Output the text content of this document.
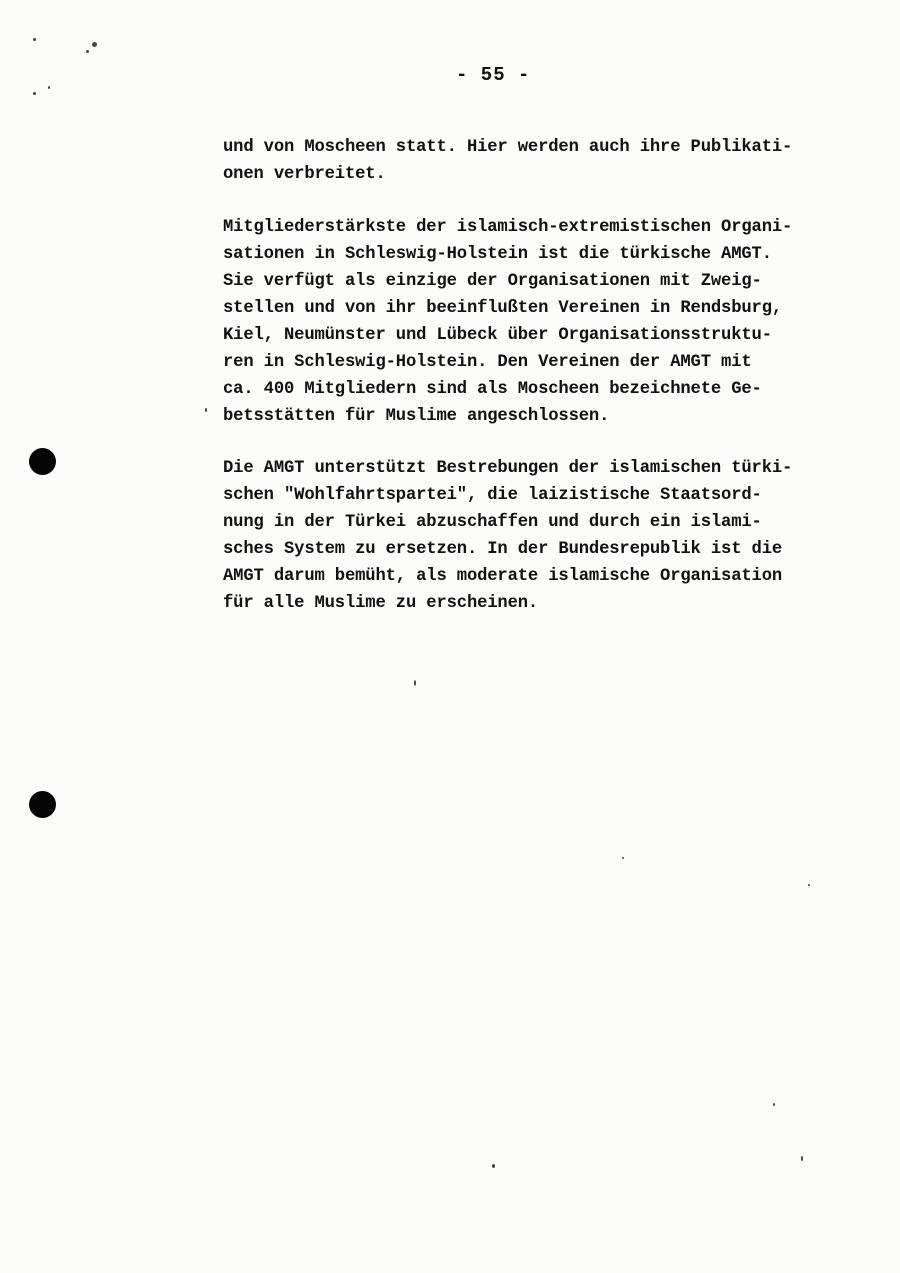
- 55 -
und von Moscheen statt. Hier werden auch ihre Publikati-
onen verbreitet.
Mitgliederstärkste der islamisch-extremistischen Organi-
sationen in Schleswig-Holstein ist die türkische AMGT.
Sie verfügt als einzige der Organisationen mit Zweig-
stellen und von ihr beeinflußten Vereinen in Rendsburg,
Kiel, Neumünster und Lübeck über Organisationsstruktu-
ren in Schleswig-Holstein. Den Vereinen der AMGT mit
ca. 400 Mitgliedern sind als Moscheen bezeichnete Ge-
betsstätten für Muslime angeschlossen.
Die AMGT unterstützt Bestrebungen der islamischen türki-
schen "Wohlfahrtspartei", die laizistische Staatsord-
nung in der Türkei abzuschaffen und durch ein islami-
sches System zu ersetzen. In der Bundesrepublik ist die
AMGT darum bemüht, als moderate islamische Organisation
für alle Muslime zu erscheinen.
